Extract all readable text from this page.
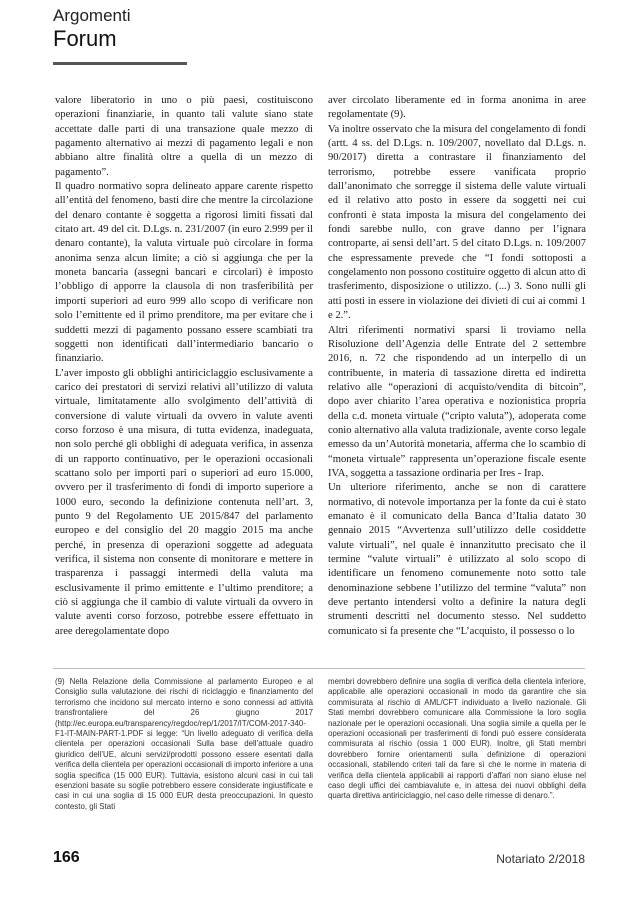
Argomenti
Forum

valore liberatorio in uno o più paesi, costituiscono operazioni finanziarie, in quanto tali valute siano state accettate dalle parti di una transazione quale mezzo di pagamento alternativo ai mezzi di pagamento legali e non abbiano altre finalità oltre a quella di un mezzo di pagamento”.

Il quadro normativo sopra delineato appare carente rispetto all’entità del fenomeno, basti dire che mentre la circolazione del denaro contante è soggetta a rigorosi limiti fissati dal citato art. 49 del cit. D.Lgs. n. 231/2007 (in euro 2.999 per il denaro contante), la valuta virtuale può circolare in forma anonima senza alcun limite; a ciò si aggiunga che per la moneta bancaria (assegni bancari e circolari) è imposto l’obbligo di apporre la clausola di non trasferibilità per importi superiori ad euro 999 allo scopo di verificare non solo l’emittente ed il primo prenditore, ma per evitare che i suddetti mezzi di pagamento possano essere scambiati tra soggetti non identificati dall’intermediario bancario o finanziario.

L’aver imposto gli obblighi antiriciclaggio esclusivamente a carico dei prestatori di servizi relativi all’utilizzo di valuta virtuale, limitatamente allo svolgimento dell’attività di conversione di valute virtuali da ovvero in valute aventi corso forzoso è una misura, di tutta evidenza, inadeguata, non solo perché gli obblighi di adeguata verifica, in assenza di un rapporto continuativo, per le operazioni occasionali scattano solo per importi pari o superiori ad euro 15.000, ovvero per il trasferimento di fondi di importo superiore a 1000 euro, secondo la definizione contenuta nell’art. 3, punto 9 del Regolamento UE 2015/847 del parlamento europeo e del consiglio del 20 maggio 2015 ma anche perché, in presenza di operazioni soggette ad adeguata verifica, il sistema non consente di monitorare e mettere in trasparenza i passaggi intermedi della valuta ma esclusivamente il primo emittente e l’ultimo prenditore; a ciò si aggiunga che il cambio di valute virtuali da ovvero in valute aventi corso forzoso, potrebbe essere effettuato in aree deregolamentate dopo

aver circolato liberamente ed in forma anonima in aree regolamentate (9).

Va inoltre osservato che la misura del congelamento di fondi (artt. 4 ss. del D.Lgs. n. 109/2007, novellato dal D.Lgs. n. 90/2017) diretta a contrastare il finanziamento del terrorismo, potrebbe essere vanificata proprio dall’anonimato che sorregge il sistema delle valute virtuali ed il relativo atto posto in essere da soggetti nei cui confronti è stata imposta la misura del congelamento dei fondi sarebbe nullo, con grave danno per l’ignara controparte, ai sensi dell’art. 5 del citato D.Lgs. n. 109/2007 che espressamente prevede che “I fondi sottoposti a congelamento non possono costituire oggetto di alcun atto di trasferimento, disposizione o utilizzo. (...) 3. Sono nulli gli atti posti in essere in violazione dei divieti di cui ai commi 1 e 2.”.

Altri riferimenti normativi sparsi li troviamo nella Risoluzione dell’Agenzia delle Entrate del 2 settembre 2016, n. 72 che rispondendo ad un interpello di un contribuente, in materia di tassazione diretta ed indiretta relativo alle “operazioni di acquisto/vendita di bitcoin”, dopo aver chiarito l’area operativa e nozionistica propria della c.d. moneta virtuale (“cripto valuta”), adoperata come conio alternativo alla valuta tradizionale, avente corso legale emesso da un’Autorità monetaria, afferma che lo scambio di “moneta virtuale” rappresenta un’operazione fiscale esente IVA, soggetta a tassazione ordinaria per Ires - Irap.

Un ulteriore riferimento, anche se non di carattere normativo, di notevole importanza per la fonte da cui è stato emanato è il comunicato della Banca d’Italia datato 30 gennaio 2015 “Avvertenza sull’utilizzo delle cosiddette valute virtuali”, nel quale è innanzitutto precisato che il termine “valute virtuali” è utilizzato al solo scopo di identificare un fenomeno comunemente noto sotto tale denominazione sebbene l’utilizzo del termine “valuta” non deve pertanto intendersi volto a definire la natura degli strumenti descritti nel documento stesso. Nel suddetto comunicato si fa presente che “L’acquisto, il possesso o lo

(9) Nella Relazione della Commissione al parlamento Europeo e al Consiglio sulla valutazione dei rischi di riciclaggio e finanziamento del terrorismo che incidono sul mercato interno e sono connessi ad attività transfrontaliere del 26 giugno 2017 (http://ec.europa.eu/transparency/regdoc/rep/1/2017/IT/COM-2017-340-F1-IT-MAIN-PART-1.PDF si legge: “Un livello adeguato di verifica della clientela per operazioni occasionali Sulla base dell’attuale quadro giuridico dell’UE, alcuni servizi/prodotti possono essere esentati dalla verifica della clientela per operazioni occasionali di importo inferiore a una soglia specifica (15 000 EUR). Tuttavia, esistono alcuni casi in cui tali esenzioni basate su soglie potrebbero essere considerate ingiustificate e casi in cui una soglia di 15 000 EUR desta preoccupazioni. In questo contesto, gli Stati

membri dovrebbero definire una soglia di verifica della clientela inferiore, applicabile alle operazioni occasionali in modo da garantire che sia commisurata al rischio di AML/CFT individuato a livello nazionale. Gli Stati membri dovrebbero comunicare alla Commissione la loro soglia nazionale per le operazioni occasionali. Una soglia simile a quella per le operazioni occasionali per trasferimenti di fondi può essere considerata commisurata al rischio (ossia 1 000 EUR). Inoltre, gli Stati membri dovrebbero fornire orientamenti sulla definizione di operazioni occasionali, stabilendo criteri tali da fare sì che le norme in materia di verifica della clientela applicabili ai rapporti d’affari non siano eluse nel caso degli uffici dei cambiavalute e, in attesa dei nuovi obblighi della quarta direttiva antiriciclaggio, nel caso delle rimesse di denaro.”.

166	Notariato 2/2018
